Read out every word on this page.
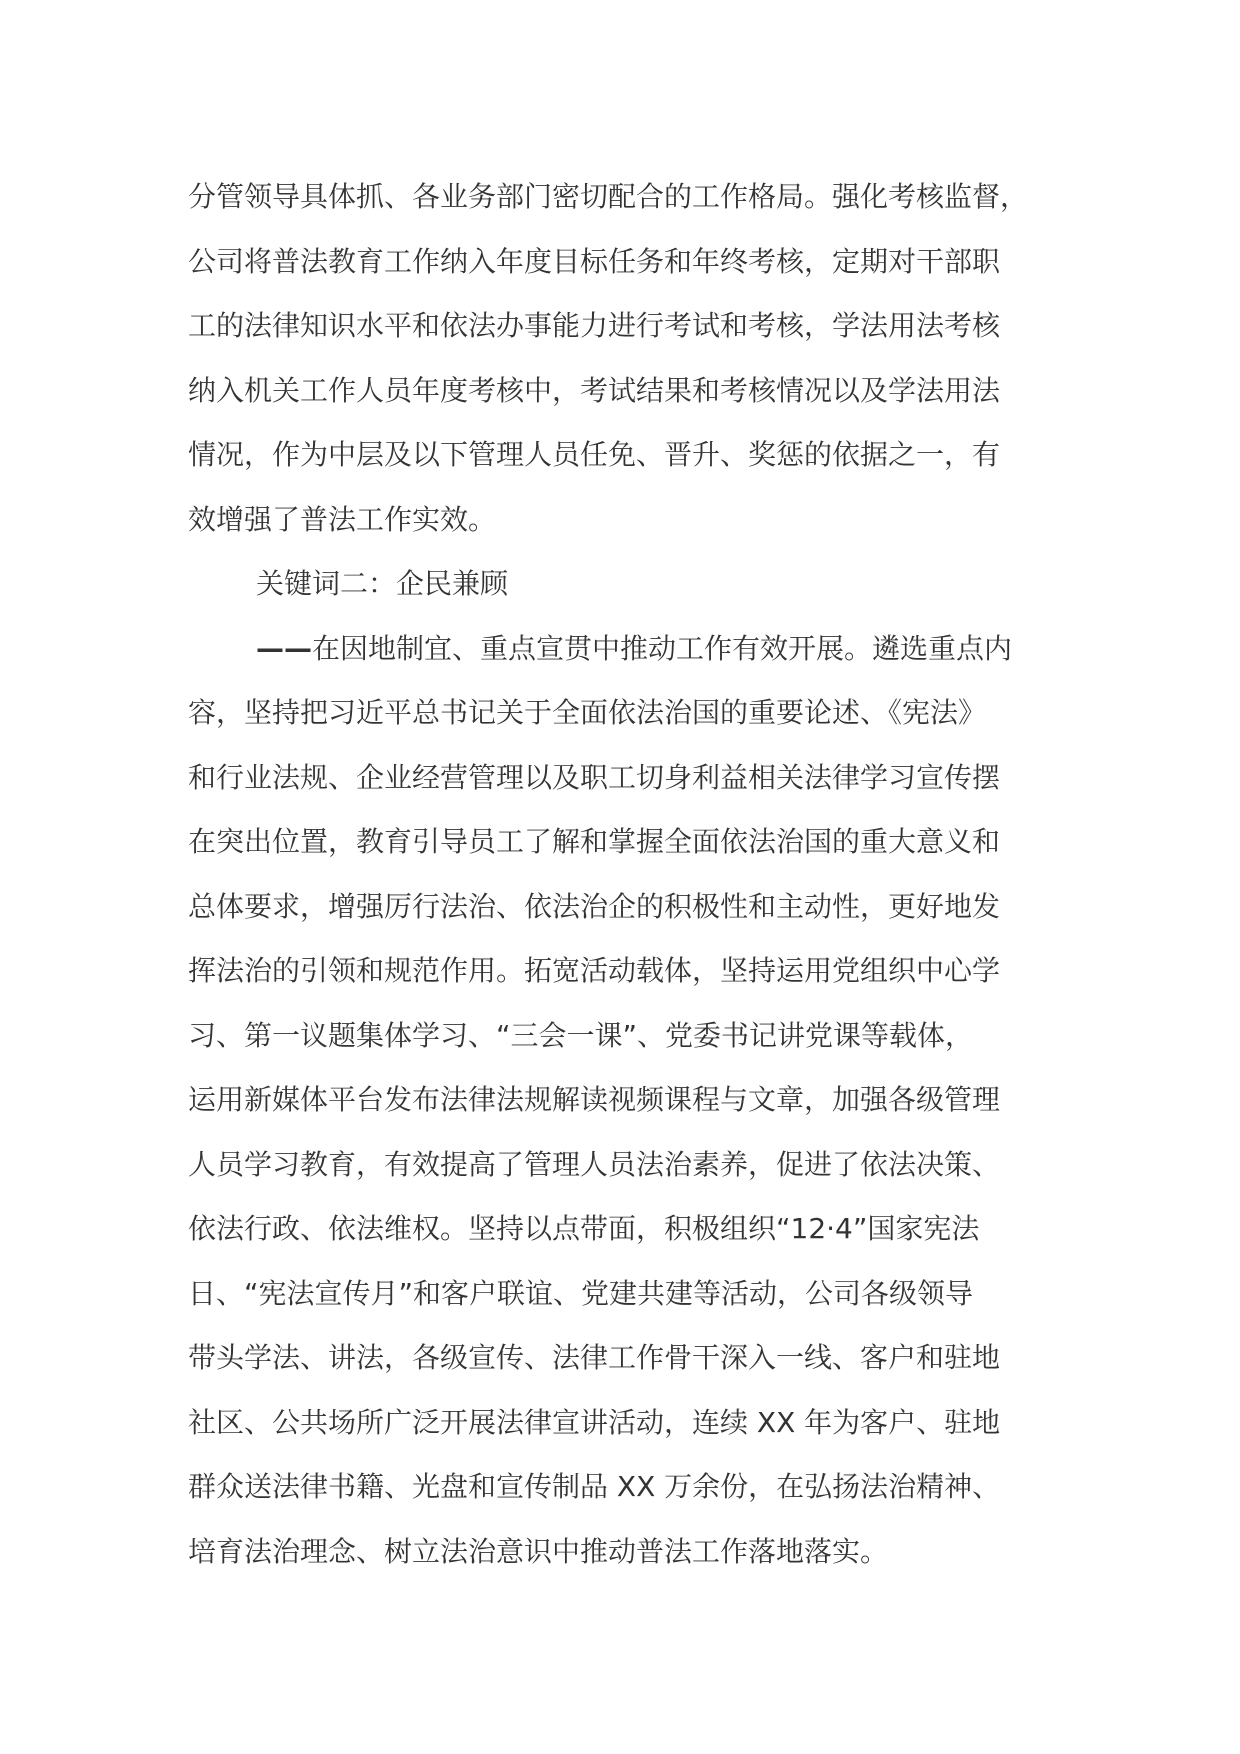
分管领导具体抓、各业务部门密切配合的工作格局。强化考核监督，
公司将普法教育工作纳入年度目标任务和年终考核，定期对干部职
工的法律知识水平和依法办事能力进行考试和考核，学法用法考核
纳入机关工作人员年度考核中，考试结果和考核情况以及学法用法
情况，作为中层及以下管理人员任免、晋升、奖惩的依据之一，有
效增强了普法工作实效。
关键词二：企民兼顾
——在因地制宜、重点宣贯中推动工作有效开展。遴选重点内
容，坚持把习近平总书记关于全面依法治国的重要论述、《宪法》
和行业法规、企业经营管理以及职工切身利益相关法律学习宣传摆
在突出位置，教育引导员工了解和掌握全面依法治国的重大意义和
总体要求，增强厉行法治、依法治企的积极性和主动性，更好地发
挥法治的引领和规范作用。拓宽活动载体，坚持运用党组织中心学
习、第一议题集体学习、“三会一课”、党委书记讲党课等载体，
运用新媒体平台发布法律法规解读视频课程与文章，加强各级管理
人员学习教育，有效提高了管理人员法治素养，促进了依法决策、
依法行政、依法维权。坚持以点带面，积极组织“12·4”国家宪法
日、“宪法宣传月”和客户联谊、党建共建等活动，公司各级领导
带头学法、讲法，各级宣传、法律工作骨干深入一线、客户和驻地
社区、公共场所广泛开展法律宣讲活动，连续 XX 年为客户、驻地
群众送法律书籍、光盘和宣传制品 XX 万余份，在弘扬法治精神、
培育法治理念、树立法治意识中推动普法工作落地落实。
